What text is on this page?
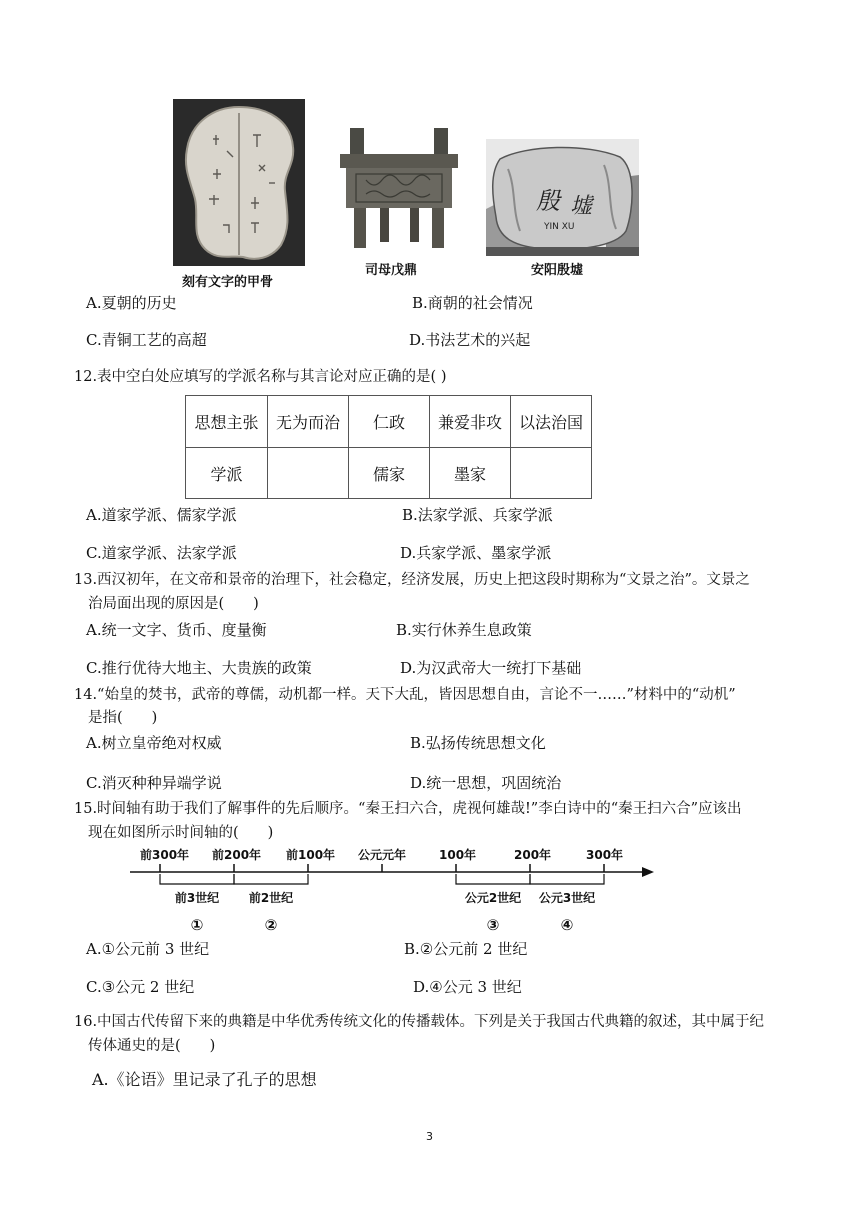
刻有文字的甲骨
司母戊鼎
殷 墟
YIN XU
安阳殷墟
A.夏朝的历史	B.商朝的社会情况
C.青铜工艺的高超	D.书法艺术的兴起
12.表中空白处应填写的学派名称与其言论对应正确的是( )
思想主张	无为而治	仁政	兼爱非攻	以法治国
学派		儒家	墨家	
A.道家学派、儒家学派	B.法家学派、兵家学派
C.道家学派、法家学派	D.兵家学派、墨家学派
13.西汉初年，在文帝和景帝的治理下，社会稳定，经济发展，历史上把这段时期称为“文景之治”。文景之
治局面出现的原因是(　　)
A.统一文字、货币、度量衡	B.实行休养生息政策
C.推行优待大地主、大贵族的政策	D.为汉武帝大一统打下基础
14.“始皇的焚书，武帝的尊儒，动机都一样。天下大乱，皆因思想自由，言论不一……”材料中的“动机”
是指(　　)
A.树立皇帝绝对权威	B.弘扬传统思想文化
C.消灭种种异端学说	D.统一思想，巩固统治
15.时间轴有助于我们了解事件的先后顺序。“秦王扫六合，虎视何雄哉!”李白诗中的“秦王扫六合”应该出
现在如图所示时间轴的(　　)
前300年 前200年 前100年 公元元年	100年	200年	300年
前3世纪 前2世纪	公元2世纪 公元3世纪
①	②	③	④
A.①公元前 3 世纪	B.②公元前 2 世纪
C.③公元 2 世纪	D.④公元 3 世纪
16.中国古代传留下来的典籍是中华优秀传统文化的传播载体。下列是关于我国古代典籍的叙述，其中属于纪
传体通史的是(　　)
A.《论语》里记录了孔子的思想
3
